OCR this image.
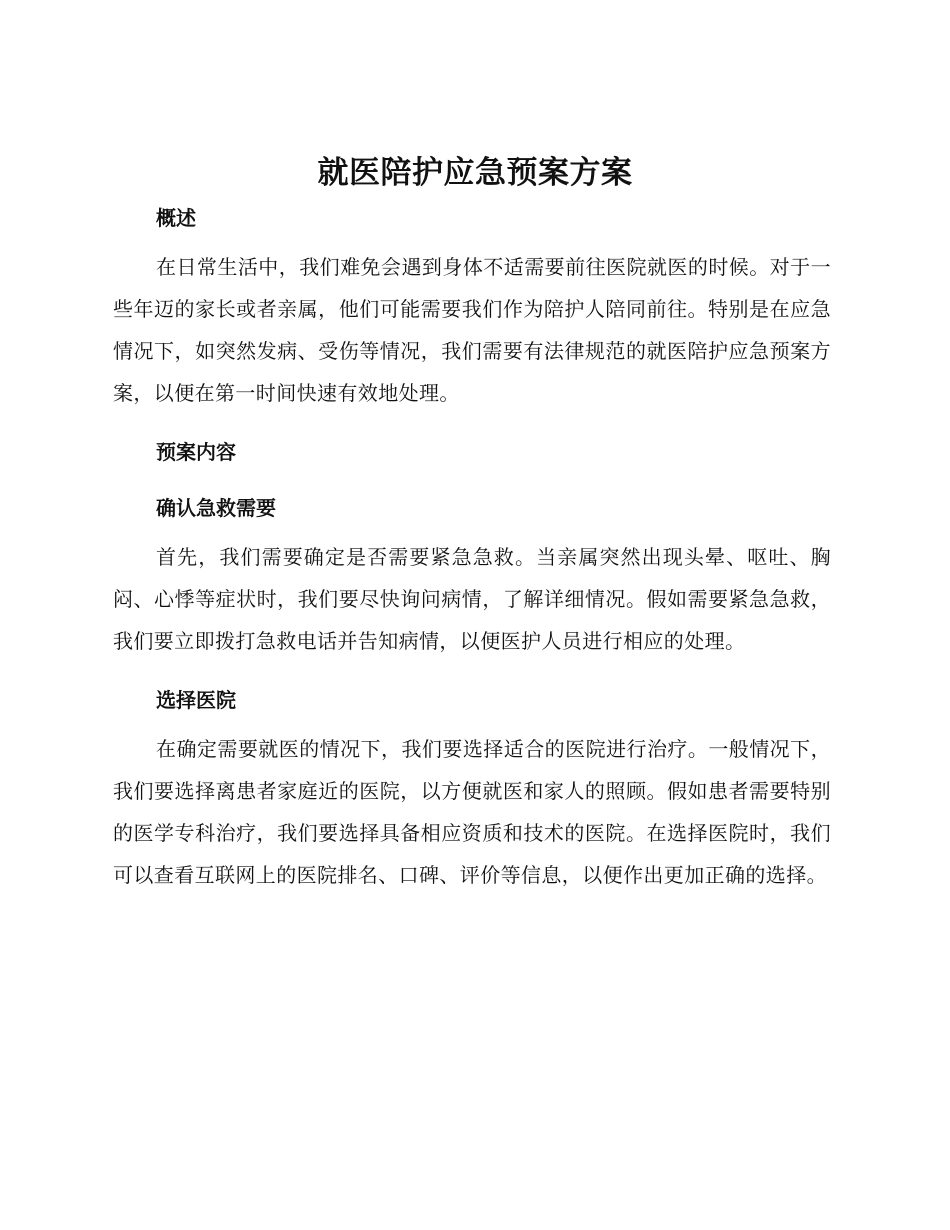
就医陪护应急预案方案
概述

在日常生活中，我们难免会遇到身体不适需要前往医院就医的时候。对于一些年迈的家长或者亲属，他们可能需要我们作为陪护人陪同前往。特别是在应急情况下，如突然发病、受伤等情况，我们需要有法律规范的就医陪护应急预案方案，以便在第一时间快速有效地处理。

预案内容
确认急救需要

首先，我们需要确定是否需要紧急急救。当亲属突然出现头晕、呕吐、胸闷、心悸等症状时，我们要尽快询问病情，了解详细情况。假如需要紧急急救，我们要立即拨打急救电话并告知病情，以便医护人员进行相应的处理。

选择医院

在确定需要就医的情况下，我们要选择适合的医院进行治疗。一般情况下，我们要选择离患者家庭近的医院，以方便就医和家人的照顾。假如患者需要特别的医学专科治疗，我们要选择具备相应资质和技术的医院。在选择医院时，我们可以查看互联网上的医院排名、口碑、评价等信息，以便作出更加正确的选择。
